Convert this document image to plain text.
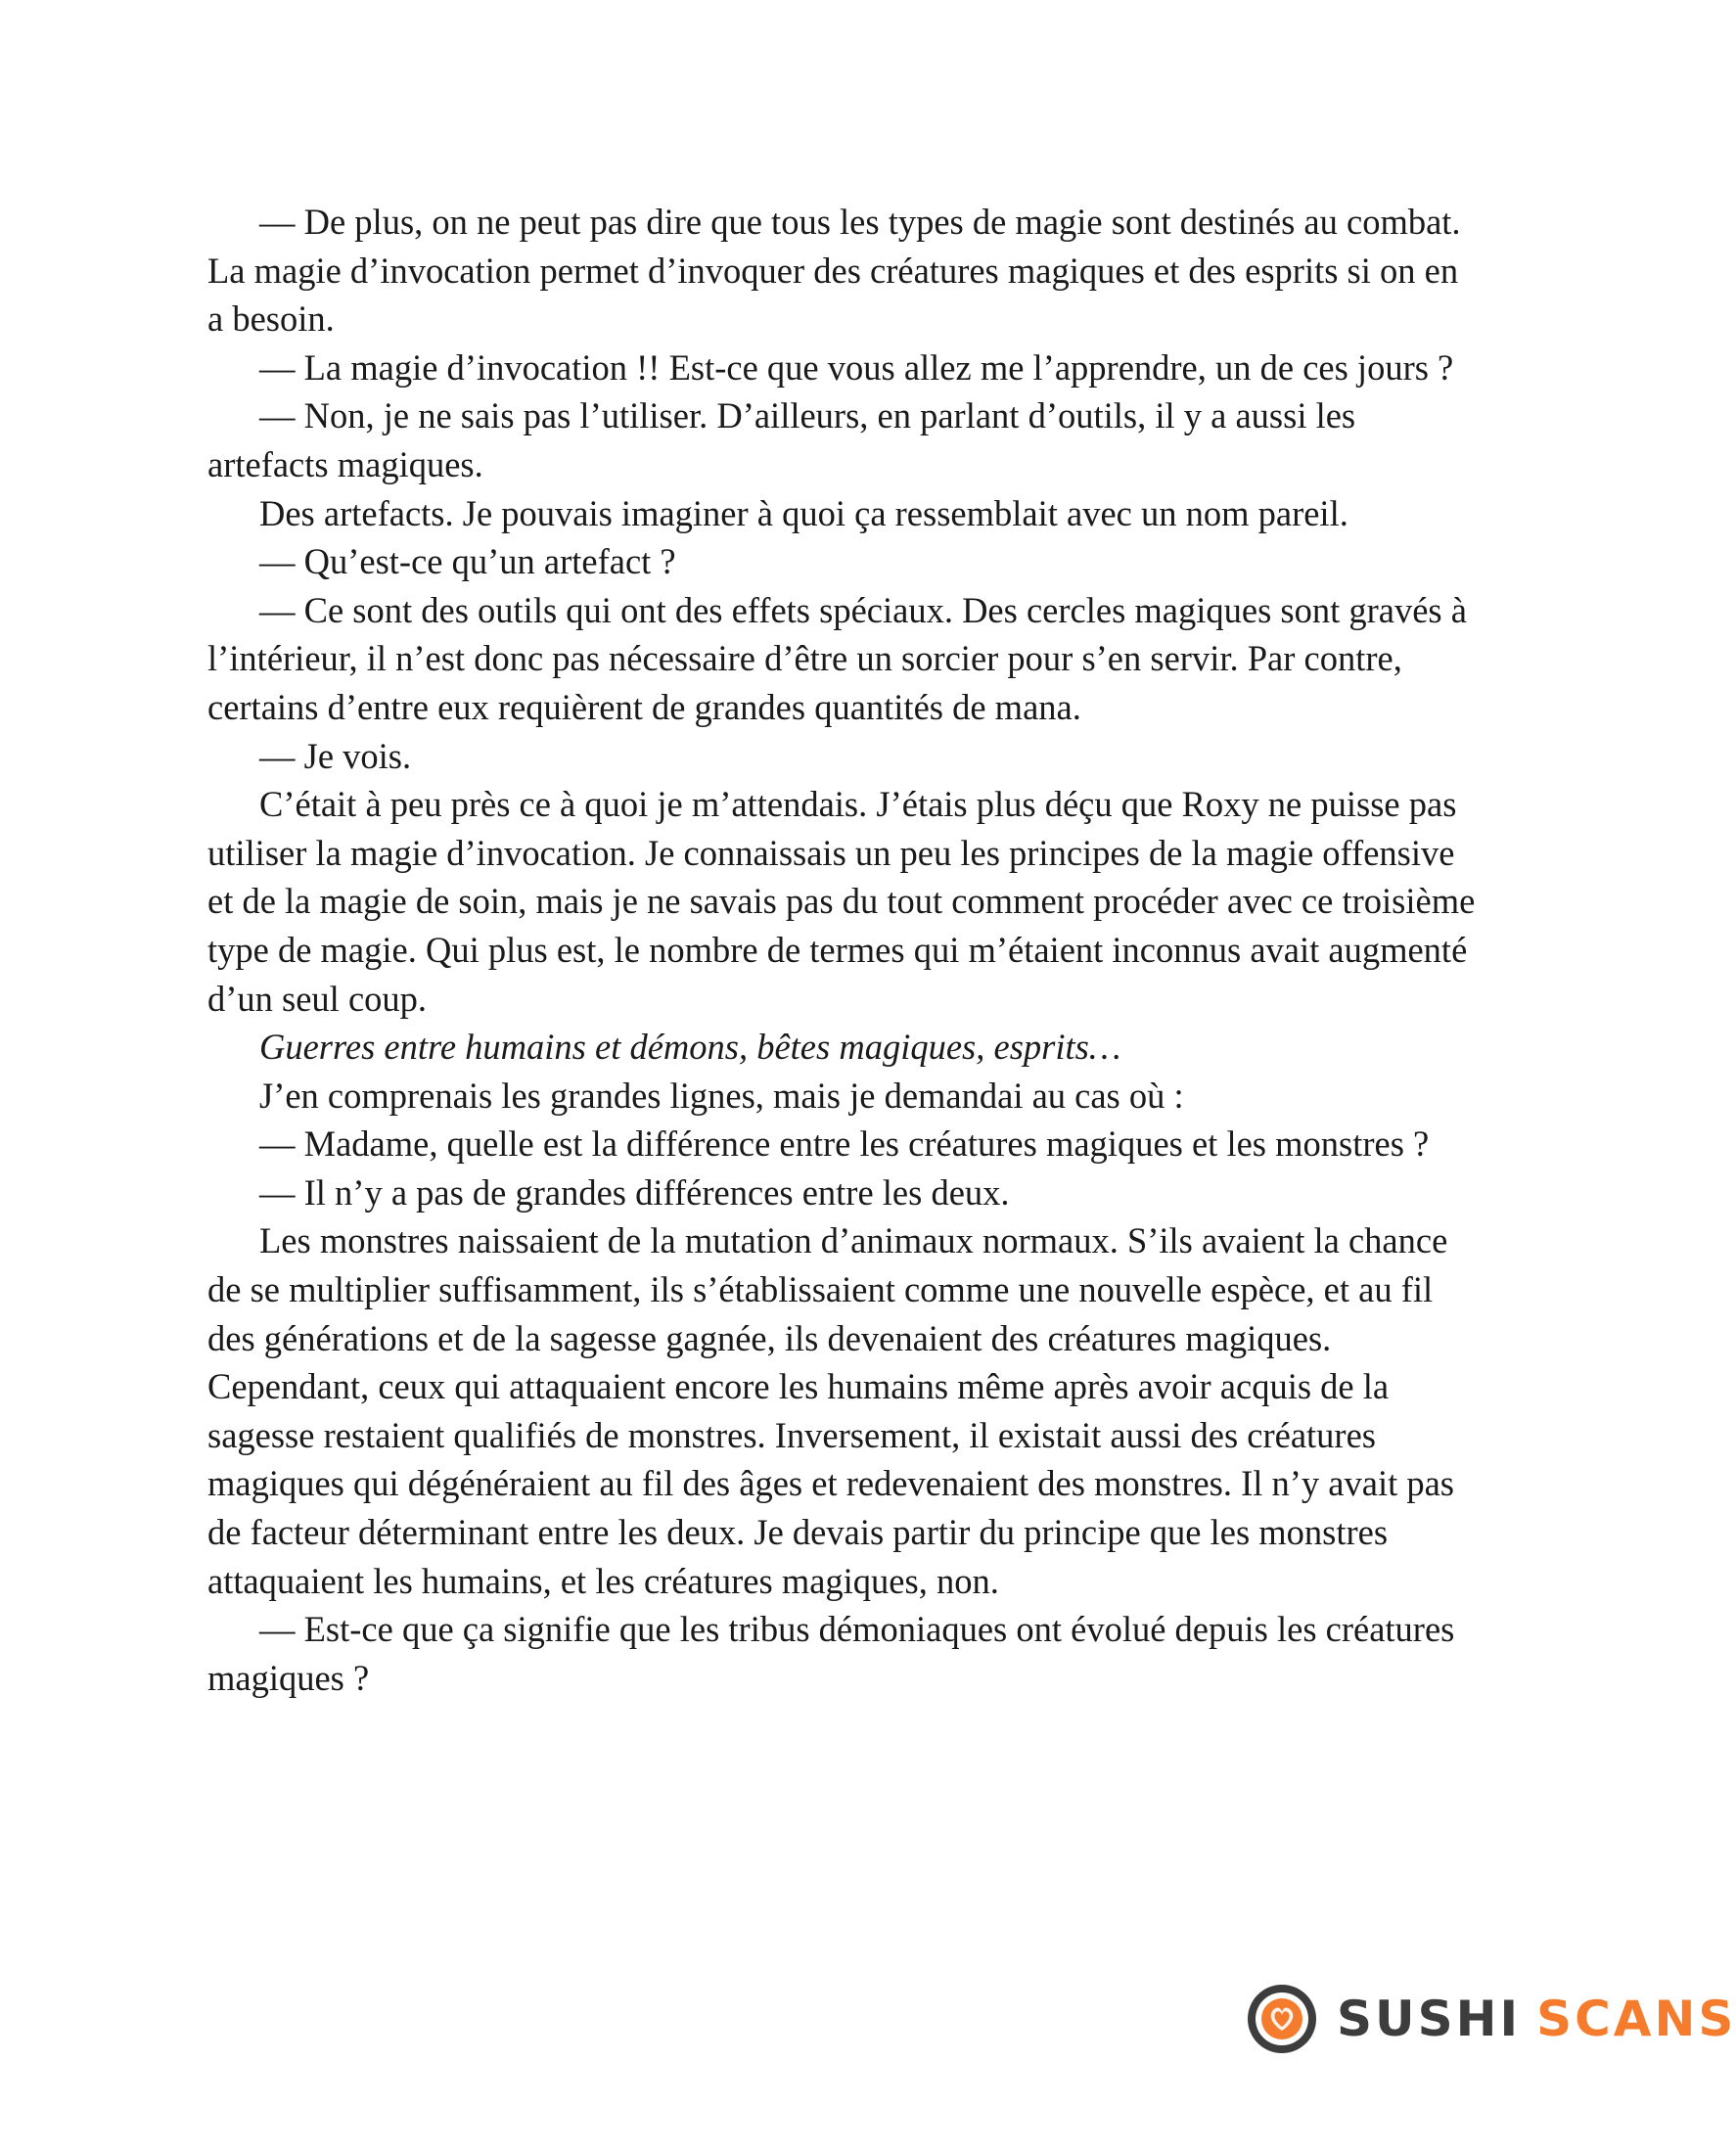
— De plus, on ne peut pas dire que tous les types de magie sont destinés au combat. La magie d’invocation permet d’invoquer des créatures magiques et des esprits si on en a besoin.

— La magie d’invocation !! Est-ce que vous allez me l’apprendre, un de ces jours ?

— Non, je ne sais pas l’utiliser. D’ailleurs, en parlant d’outils, il y a aussi les artefacts magiques.

Des artefacts. Je pouvais imaginer à quoi ça ressemblait avec un nom pareil.

— Qu’est-ce qu’un artefact ?

— Ce sont des outils qui ont des effets spéciaux. Des cercles magiques sont gravés à l’intérieur, il n’est donc pas nécessaire d’être un sorcier pour s’en servir. Par contre, certains d’entre eux requièrent de grandes quantités de mana.

— Je vois.

C’était à peu près ce à quoi je m’attendais. J’étais plus déçu que Roxy ne puisse pas utiliser la magie d’invocation. Je connaissais un peu les principes de la magie offensive et de la magie de soin, mais je ne savais pas du tout comment procéder avec ce troisième type de magie. Qui plus est, le nombre de termes qui m’étaient inconnus avait augmenté d’un seul coup.

Guerres entre humains et démons, bêtes magiques, esprits…

J’en comprenais les grandes lignes, mais je demandai au cas où :

— Madame, quelle est la différence entre les créatures magiques et les monstres ?

— Il n’y a pas de grandes différences entre les deux.

Les monstres naissaient de la mutation d’animaux normaux. S’ils avaient la chance de se multiplier suffisamment, ils s’établissaient comme une nouvelle espèce, et au fil des générations et de la sagesse gagnée, ils devenaient des créatures magiques. Cependant, ceux qui attaquaient encore les humains même après avoir acquis de la sagesse restaient qualifiés de monstres. Inversement, il existait aussi des créatures magiques qui dégénéraient au fil des âges et redevenaient des monstres. Il n’y avait pas de facteur déterminant entre les deux. Je devais partir du principe que les monstres attaquaient les humains, et les créatures magiques, non.

— Est-ce que ça signifie que les tribus démoniaques ont évolué depuis les créatures magiques ?

SUSHI SCANS
